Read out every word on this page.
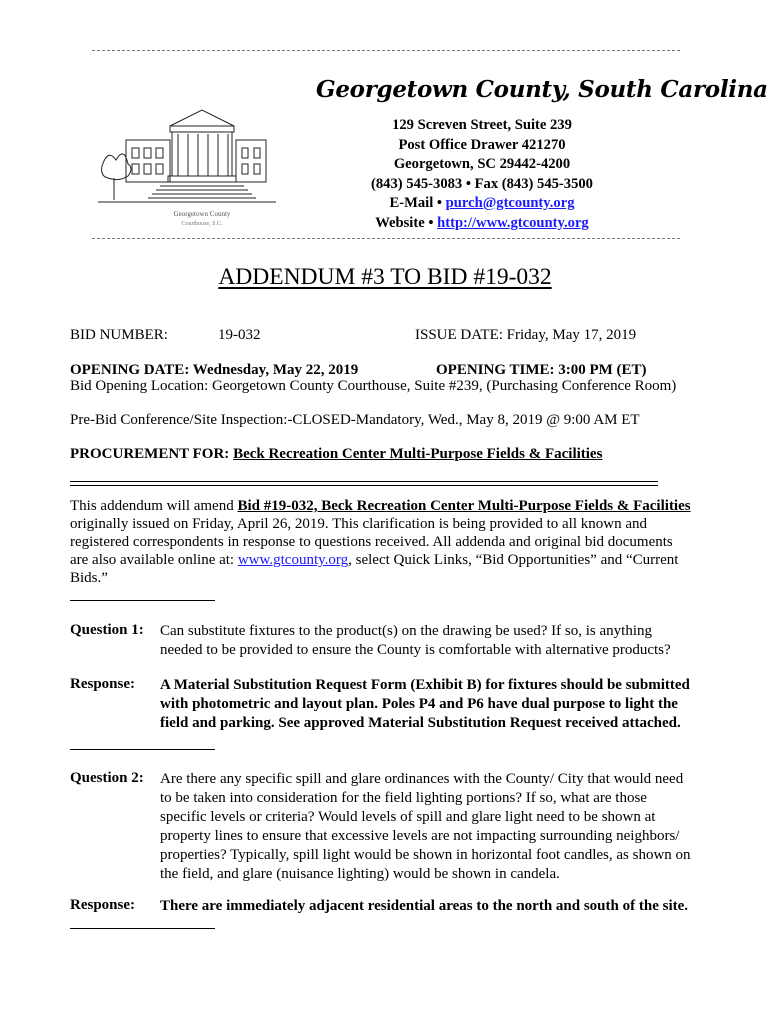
Georgetown County
Courthouse, S.C.
Georgetown County, South Carolina
129 Screven Street, Suite 239
Post Office Drawer 421270
Georgetown, SC 29442-4200
(843) 545-3083 • Fax (843) 545-3500
E-Mail • purch@gtcounty.org
Website • http://www.gtcounty.org
ADDENDUM #3 TO BID #19-032
BID NUMBER:	19-032	ISSUE DATE: Friday, May 17, 2019
OPENING DATE: Wednesday, May 22, 2019	OPENING TIME: 3:00 PM (ET)
Bid Opening Location: Georgetown County Courthouse, Suite #239, (Purchasing Conference Room)
Pre-Bid Conference/Site Inspection:-CLOSED-Mandatory, Wed., May 8, 2019 @ 9:00 AM ET
PROCUREMENT FOR: Beck Recreation Center Multi-Purpose Fields & Facilities
This addendum will amend Bid #19-032, Beck Recreation Center Multi-Purpose Fields & Facilities
originally issued on Friday, April 26, 2019. This clarification is being provided to all known and
registered correspondents in response to questions received. All addenda and original bid documents
are also available online at: www.gtcounty.org, select Quick Links, “Bid Opportunities” and “Current
Bids.”
Question 1:	Can substitute fixtures to the product(s) on the drawing be used? If so, is anything
needed to be provided to ensure the County is comfortable with alternative products?
Response:	A Material Substitution Request Form (Exhibit B) for fixtures should be submitted
with photometric and layout plan. Poles P4 and P6 have dual purpose to light the
field and parking. See approved Material Substitution Request received attached.
Question 2:	Are there any specific spill and glare ordinances with the County/ City that would need
to be taken into consideration for the field lighting portions? If so, what are those
specific levels or criteria? Would levels of spill and glare light need to be shown at
property lines to ensure that excessive levels are not impacting surrounding neighbors/
properties? Typically, spill light would be shown in horizontal foot candles, as shown on
the field, and glare (nuisance lighting) would be shown in candela.
Response:	There are immediately adjacent residential areas to the north and south of the site.
